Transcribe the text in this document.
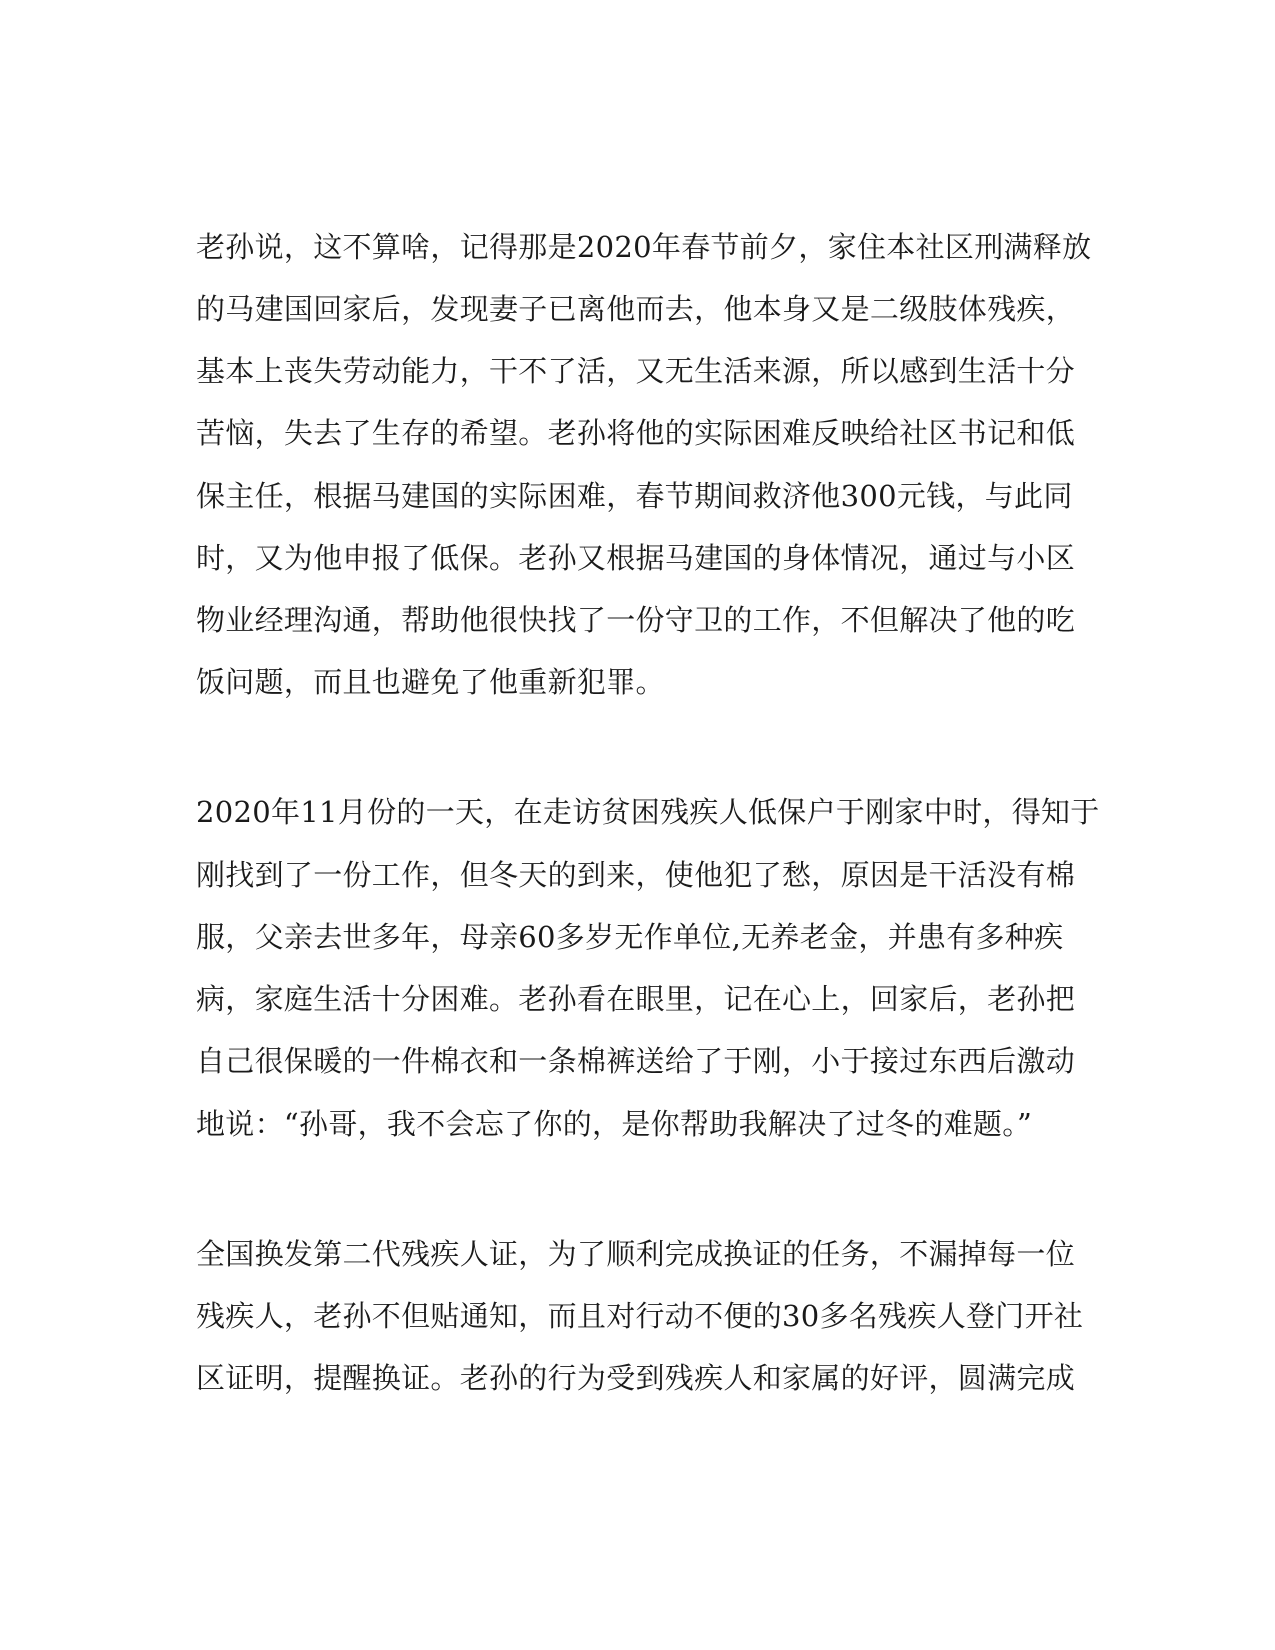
老孙说，这不算啥，记得那是2020年春节前夕，家住本社区刑满释放

的马建国回家后，发现妻子已离他而去，他本身又是二级肢体残疾，

基本上丧失劳动能力，干不了活，又无生活来源，所以感到生活十分

苦恼，失去了生存的希望。老孙将他的实际困难反映给社区书记和低

保主任，根据马建国的实际困难，春节期间救济他300元钱，与此同

时，又为他申报了低保。老孙又根据马建国的身体情况，通过与小区

物业经理沟通，帮助他很快找了一份守卫的工作，不但解决了他的吃

饭问题，而且也避免了他重新犯罪。

2020年11月份的一天，在走访贫困残疾人低保户于刚家中时，得知于

刚找到了一份工作，但冬天的到来，使他犯了愁，原因是干活没有棉

服，父亲去世多年，母亲60多岁无作单位,无养老金，并患有多种疾

病，家庭生活十分困难。老孙看在眼里，记在心上，回家后，老孙把

自己很保暖的一件棉衣和一条棉裤送给了于刚，小于接过东西后激动

地说：“孙哥，我不会忘了你的，是你帮助我解决了过冬的难题。”

全国换发第二代残疾人证，为了顺利完成换证的任务，不漏掉每一位

残疾人，老孙不但贴通知，而且对行动不便的30多名残疾人登门开社

区证明，提醒换证。老孙的行为受到残疾人和家属的好评，圆满完成
